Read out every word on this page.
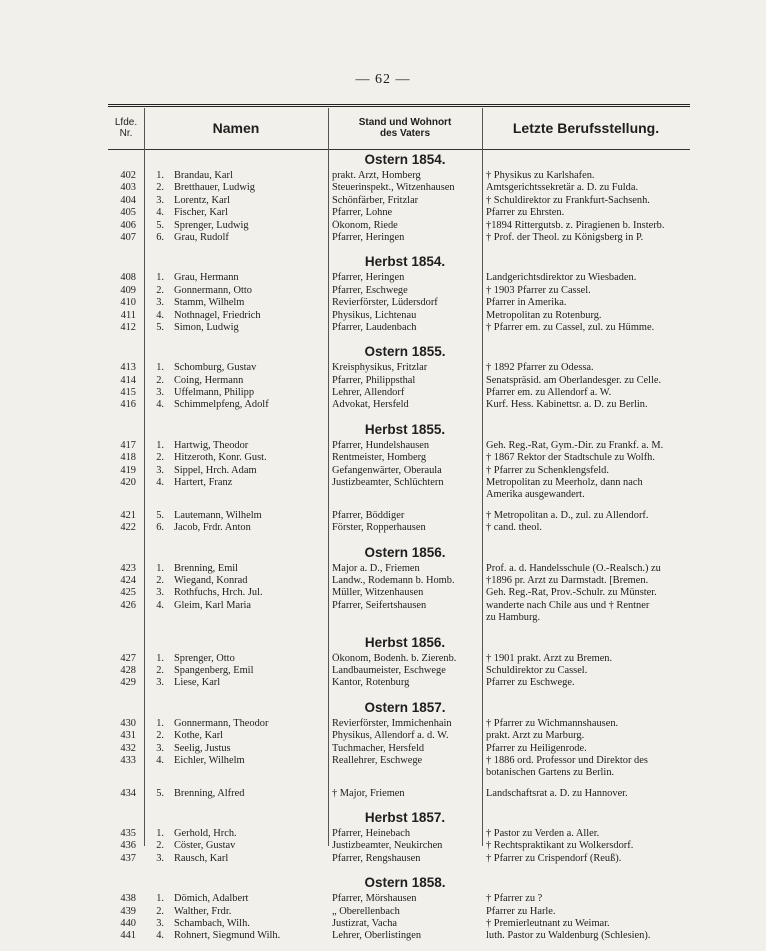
— 62 —
Lfde.
Nr.	Namen	Stand und Wohnort
des Vaters	Letzte Berufsstellung.
Ostern 1854.
402	1. Brandau, Karl	prakt. Arzt, Homberg	† Physikus zu Karlshafen.
403	2. Bretthauer, Ludwig	Steuerinspekt., Witzenhausen	Amtsgerichtssekretär a. D. zu Fulda.
404	3. Lorentz, Karl	Schönfärber, Fritzlar	† Schuldirektor zu Frankfurt-Sachsenh.
405	4. Fischer, Karl	Pfarrer, Lohne	Pfarrer zu Ehrsten.
406	5. Sprenger, Ludwig	Ökonom, Riede	†1894 Rittergutsb. z. Piragienen b. Insterb.
407	6. Grau, Rudolf	Pfarrer, Heringen	† Prof. der Theol. zu Königsberg in P.
Herbst 1854.
408	1. Grau, Hermann	Pfarrer, Heringen	Landgerichtsdirektor zu Wiesbaden.
409	2. Gonnermann, Otto	Pfarrer, Eschwege	† 1903 Pfarrer zu Cassel.
410	3. Stamm, Wilhelm	Revierförster, Lüdersdorf	Pfarrer in Amerika.
411	4. Nothnagel, Friedrich	Physikus, Lichtenau	Metropolitan zu Rotenburg.
412	5. Simon, Ludwig	Pfarrer, Laudenbach	† Pfarrer em. zu Cassel, zul. zu Hümme.
Ostern 1855.
413	1. Schomburg, Gustav	Kreisphysikus, Fritzlar	† 1892 Pfarrer zu Odessa.
414	2. Coing, Hermann	Pfarrer, Philippsthal	Senatspräsid. am Oberlandesger. zu Celle.
415	3. Uffelmann, Philipp	Lehrer, Allendorf	Pfarrer em. zu Allendorf a. W.
416	4. Schimmelpfeng, Adolf	Advokat, Hersfeld	Kurf. Hess. Kabinettsr. a. D. zu Berlin.
Herbst 1855.
417	1. Hartwig, Theodor	Pfarrer, Hundelshausen	Geh. Reg.-Rat, Gym.-Dir. zu Frankf. a. M.
418	2. Hitzeroth, Konr. Gust.	Rentmeister, Homberg	† 1867 Rektor der Stadtschule zu Wolfh.
419	3. Sippel, Hrch. Adam	Gefangenwärter, Oberaula	† Pfarrer zu Schenklengsfeld.
420	4. Hartert, Franz	Justizbeamter, Schlüchtern	Metropolitan zu Meerholz, dann nach
Amerika ausgewandert.
421	5. Lautemann, Wilhelm	Pfarrer, Böddiger	† Metropolitan a. D., zul. zu Allendorf.
422	6. Jacob, Frdr. Anton	Förster, Ropperhausen	† cand. theol.
Ostern 1856.
423	1. Brenning, Emil	Major a. D., Friemen	Prof. a. d. Handelsschule (O.-Realsch.) zu
424	2. Wiegand, Konrad	Landw., Rodemann b. Homb.	†1896 pr. Arzt zu Darmstadt. [Bremen.
425	3. Rothfuchs, Hrch. Jul.	Müller, Witzenhausen	Geh. Reg.-Rat, Prov.-Schulr. zu Münster.
426	4. Gleim, Karl Maria	Pfarrer, Seifertshausen	wanderte nach Chile aus und † Rentner
zu Hamburg.
Herbst 1856.
427	1. Sprenger, Otto	Ökonom, Bodenh. b. Zierenb.	† 1901 prakt. Arzt zu Bremen.
428	2. Spangenberg, Emil	Landbaumeister, Eschwege	Schuldirektor zu Cassel.
429	3. Liese, Karl	Kantor, Rotenburg	Pfarrer zu Eschwege.
Ostern 1857.
430	1. Gonnermann, Theodor	Revierförster, Immichenhain	† Pfarrer zu Wichmannshausen.
431	2. Kothe, Karl	Physikus, Allendorf a. d. W.	prakt. Arzt zu Marburg.
432	3. Seelig, Justus	Tuchmacher, Hersfeld	Pfarrer zu Heiligenrode.
433	4. Eichler, Wilhelm	Reallehrer, Eschwege	† 1886 ord. Professor und Direktor des
botanischen Gartens zu Berlin.
434	5. Brenning, Alfred	† Major, Friemen	Landschaftsrat a. D. zu Hannover.
Herbst 1857.
435	1. Gerhold, Hrch.	Pfarrer, Heinebach	† Pastor zu Verden a. Aller.
436	2. Cöster, Gustav	Justizbeamter, Neukirchen	† Rechtspraktikant zu Wolkersdorf.
437	3. Rausch, Karl	Pfarrer, Rengshausen	† Pfarrer zu Crispendorf (Reuß).
Ostern 1858.
438	1. Dömich, Adalbert	Pfarrer, Mörshausen	† Pfarrer zu ?
439	2. Walther, Frdr.	„ Oberellenbach	Pfarrer zu Harle.
440	3. Schambach, Wilh.	Justizrat, Vacha	† Premierleutnant zu Weimar.
441	4. Rohnert, Siegmund Wilh.	Lehrer, Oberlistingen	luth. Pastor zu Waldenburg (Schlesien).
